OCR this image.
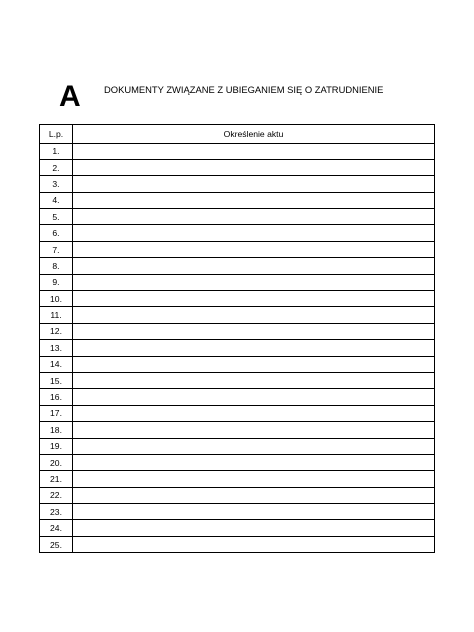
A DOKUMENTY ZWIĄZANE Z UBIEGANIEM SIĘ O ZATRUDNIENIE
L.p.	Określenie aktu
1.	
2.	
3.	
4.	
5.	
6.	
7.	
8.	
9.	
10.	
11.	
12.	
13.	
14.	
15.	
16.	
17.	
18.	
19.	
20.	
21.	
22.	
23.	
24.	
25.	
